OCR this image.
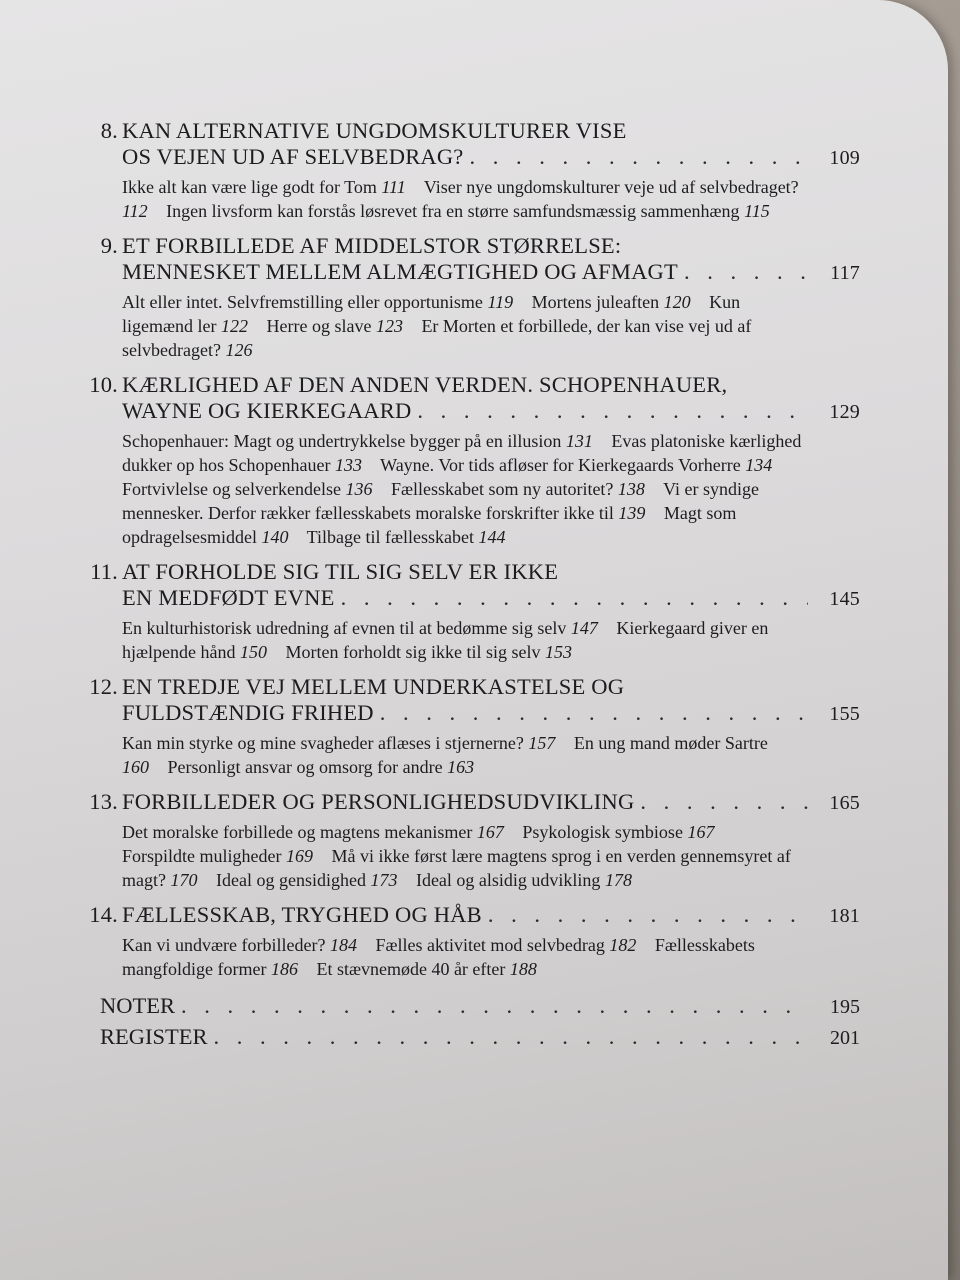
8. KAN ALTERNATIVE UNGDOMSKULTURER VISE
OS VEJEN UD AF SELVBEDRAG? . . .	109
Ikke alt kan være lige godt for Tom 111 Viser nye ungdomskulturer veje ud af selvbedraget? 112 Ingen livsform kan forstås løsrevet fra en større samfundsmæssig sammenhæng 115
9. ET FORBILLEDE AF MIDDELSTOR STØRRELSE:
MENNESKET MELLEM ALMÆGTIGHED OG AFMAGT . . .	117
Alt eller intet. Selvfremstilling eller opportunisme 119 Mortens juleaften 120 Kun ligemænd ler 122 Herre og slave 123 Er Morten et forbillede, der kan vise vej ud af selvbedraget? 126
10. KÆRLIGHED AF DEN ANDEN VERDEN. SCHOPENHAUER,
WAYNE OG KIERKEGAARD . . .	129
Schopenhauer: Magt og undertrykkelse bygger på en illusion 131 Evas platoniske kærlighed dukker op hos Schopenhauer 133 Wayne. Vor tids afløser for Kierkegaards Vorherre 134 Fortvivlelse og selverkendelse 136 Fællesskabet som ny autoritet? 138 Vi er syndige mennesker. Derfor rækker fællesskabets moralske forskrifter ikke til 139 Magt som opdragelsesmiddel 140 Tilbage til fællesskabet 144
11. AT FORHOLDE SIG TIL SIG SELV ER IKKE
EN MEDFØDT EVNE . . .	145
En kulturhistorisk udredning af evnen til at bedømme sig selv 147 Kierkegaard giver en hjælpende hånd 150 Morten forholdt sig ikke til sig selv 153
12. EN TREDJE VEJ MELLEM UNDERKASTELSE OG
FULDSTÆNDIG FRIHED . . .	155
Kan min styrke og mine svagheder aflæses i stjernerne? 157 En ung mand møder Sartre 160 Personligt ansvar og omsorg for andre 163
13. FORBILLEDER OG PERSONLIGHEDSUDVIKLING . . .	165
Det moralske forbillede og magtens mekanismer 167 Psykologisk symbiose 167 Forspildte muligheder 169 Må vi ikke først lære magtens sprog i en verden gennemsyret af magt? 170 Ideal og gensidighed 173 Ideal og alsidig udvikling 178
14. FÆLLESSKAB, TRYGHED OG HÅB . . .	181
Kan vi undvære forbilleder? 184 Fælles aktivitet mod selvbedrag 182 Fællesskabets mangfoldige former 186 Et stævnemøde 40 år efter 188
NOTER . . .	195
REGISTER . . .	201
